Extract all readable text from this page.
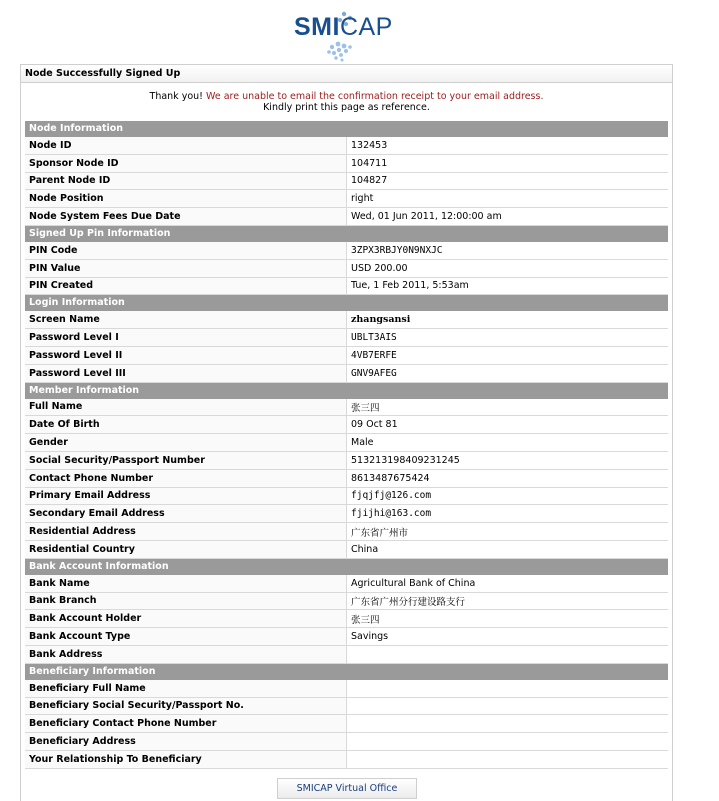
SMICAP
Node Successfully Signed Up
Thank you! We are unable to email the confirmation receipt to your email address.
Kindly print this page as reference.
Node Information	
Node ID	132453
Sponsor Node ID	104711
Parent Node ID	104827
Node Position	right
Node System Fees Due Date	Wed, 01 Jun 2011, 12:00:00 am
Signed Up Pin Information	
PIN Code	3ZPX3RBJY0N9NXJC
PIN Value	USD 200.00
PIN Created	Tue, 1 Feb 2011, 5:53am
Login Information	
Screen Name	zhangsansi
Password Level I	UBLT3AIS
Password Level II	4VB7ERFE
Password Level III	GNV9AFEG
Member Information	
Full Name	张三四
Date Of Birth	09 Oct 81
Gender	Male
Social Security/Passport Number	513213198409231245
Contact Phone Number	8613487675424
Primary Email Address	fjqjfj@126.com
Secondary Email Address	fjijhi@163.com
Residential Address	广东省广州市
Residential Country	China
Bank Account Information	
Bank Name	Agricultural Bank of China
Bank Branch	广东省广州分行建设路支行
Bank Account Holder	张三四
Bank Account Type	Savings
Bank Address	
Beneficiary Information	
Beneficiary Full Name	
Beneficiary Social Security/Passport No.	
Beneficiary Contact Phone Number	
Beneficiary Address	
Your Relationship To Beneficiary	
SMICAP Virtual Office
